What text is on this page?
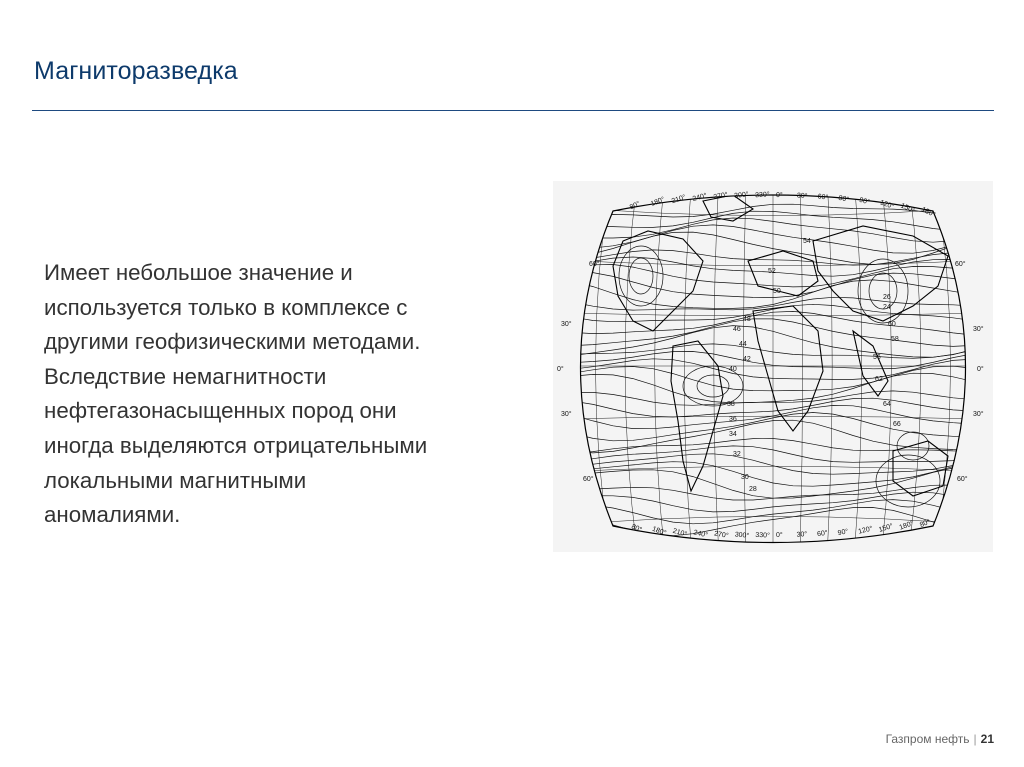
Магниторазведка
Имеет небольшое значение и
используется только в комплексе с
другими геофизическими методами.
Вследствие немагнитности
нефтегазонасыщенных пород они
иногда выделяются отрицательными
локальными магнитными
аномалиями.
80° 180° 210° 240° 270° 300° 330° 0° 30° 60° 80° 90° 120° 150° 180°
80° 180° 210° 240° 270° 300° 330° 0° 30° 60° 90° 120° 150° 180° 80°
60°
30°
0°
30°
60°
60°
30°
0°
30°
60°
54
52
50
48
46
44
42
40
38
36
34
32
30
28
26
24
60
58
56
62
64
66
Газпром нефть | 21
